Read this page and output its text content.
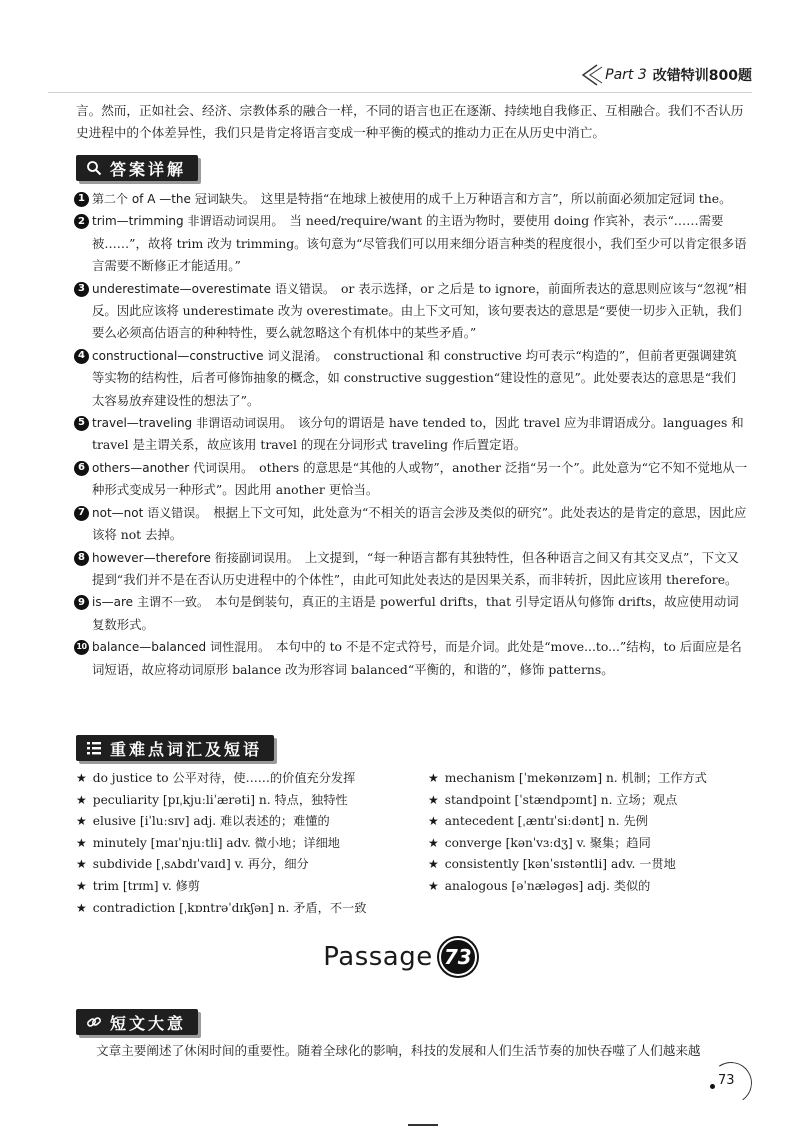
Part 3 改错特训800题

言。然而，正如社会、经济、宗教体系的融合一样，不同的语言也正在逐渐、持续地自我修正、互相融合。我们不否认历
史进程中的个体差异性，我们只是肯定将语言变成一种平衡的模式的推动力正在从历史中消亡。

答案详解
1 第二个 of A —the 冠词缺失。 这里是特指“在地球上被使用的成千上万种语言和方言”，所以前面必须加定冠词 the。
2 trim—trimming 非谓语动词误用。 当 need/require/want 的主语为物时，要使用 doing 作宾补，表示“……需要被……”，故将 trim 改为 trimming。该句意为“尽管我们可以用来细分语言种类的程度很小，我们至少可以肯定很多语言需要不断修正才能适用。”
3 underestimate—overestimate 语义错误。 or 表示选择，or 之后是 to ignore，前面所表达的意思则应该与“忽视”相反。因此应该将 underestimate 改为 overestimate。由上下文可知，该句要表达的意思是“要使一切步入正轨，我们要么必须高估语言的种种特性，要么就忽略这个有机体中的某些矛盾。”
4 constructional—constructive 词义混淆。 constructional 和 constructive 均可表示“构造的”，但前者更强调建筑等实物的结构性，后者可修饰抽象的概念，如 constructive suggestion“建设性的意见”。此处要表达的意思是“我们太容易放弃建设性的想法了”。
5 travel—traveling 非谓语动词误用。 该分句的谓语是 have tended to，因此 travel 应为非谓语成分。languages 和 travel 是主谓关系，故应该用 travel 的现在分词形式 traveling 作后置定语。
6 others—another 代词误用。 others 的意思是“其他的人或物”，another 泛指“另一个”。此处意为“它不知不觉地从一种形式变成另一种形式”。因此用 another 更恰当。
7 not—not 语义错误。 根据上下文可知，此处意为“不相关的语言会涉及类似的研究”。此处表达的是肯定的意思，因此应该将 not 去掉。
8 however—therefore 衔接副词误用。 上文提到，“每一种语言都有其独特性，但各种语言之间又有其交叉点”，下文又提到“我们并不是在否认历史进程中的个体性”，由此可知此处表达的是因果关系，而非转折，因此应该用 therefore。
9 is—are 主谓不一致。 本句是倒装句，真正的主语是 powerful drifts，that 引导定语从句修饰 drifts，故应使用动词复数形式。
10 balance—balanced 词性混用。 本句中的 to 不是不定式符号，而是介词。此处是“move...to...”结构，to 后面应是名词短语，故应将动词原形 balance 改为形容词 balanced“平衡的，和谐的”，修饰 patterns。
重难点词汇及短语
★ do justice to 公平对待，使……的价值充分发挥
★ peculiarity [pɪˌkjuːliˈærəti] n. 特点，独特性
★ elusive [iˈluːsɪv] adj. 难以表述的；难懂的
★ minutely [maɪˈnjuːtli] adv. 微小地；详细地
★ subdivide [ˌsʌbdɪˈvaɪd] v. 再分，细分
★ trim [trɪm] v. 修剪
★ contradiction [ˌkɒntrəˈdɪkʃən] n. 矛盾，不一致
★ mechanism [ˈmekənɪzəm] n. 机制；工作方式
★ standpoint [ˈstændpɔɪnt] n. 立场；观点
★ antecedent [ˌæntɪˈsiːdənt] n. 先例
★ converge [kənˈvɜːdʒ] v. 聚集；趋同
★ consistently [kənˈsɪstəntli] adv. 一贯地
★ analogous [əˈnæləgəs] adj. 类似的
Passage 73
短文大意

文章主要阐述了休闲时间的重要性。随着全球化的影响，科技的发展和人们生活节奏的加快吞噬了人们越来越

73
